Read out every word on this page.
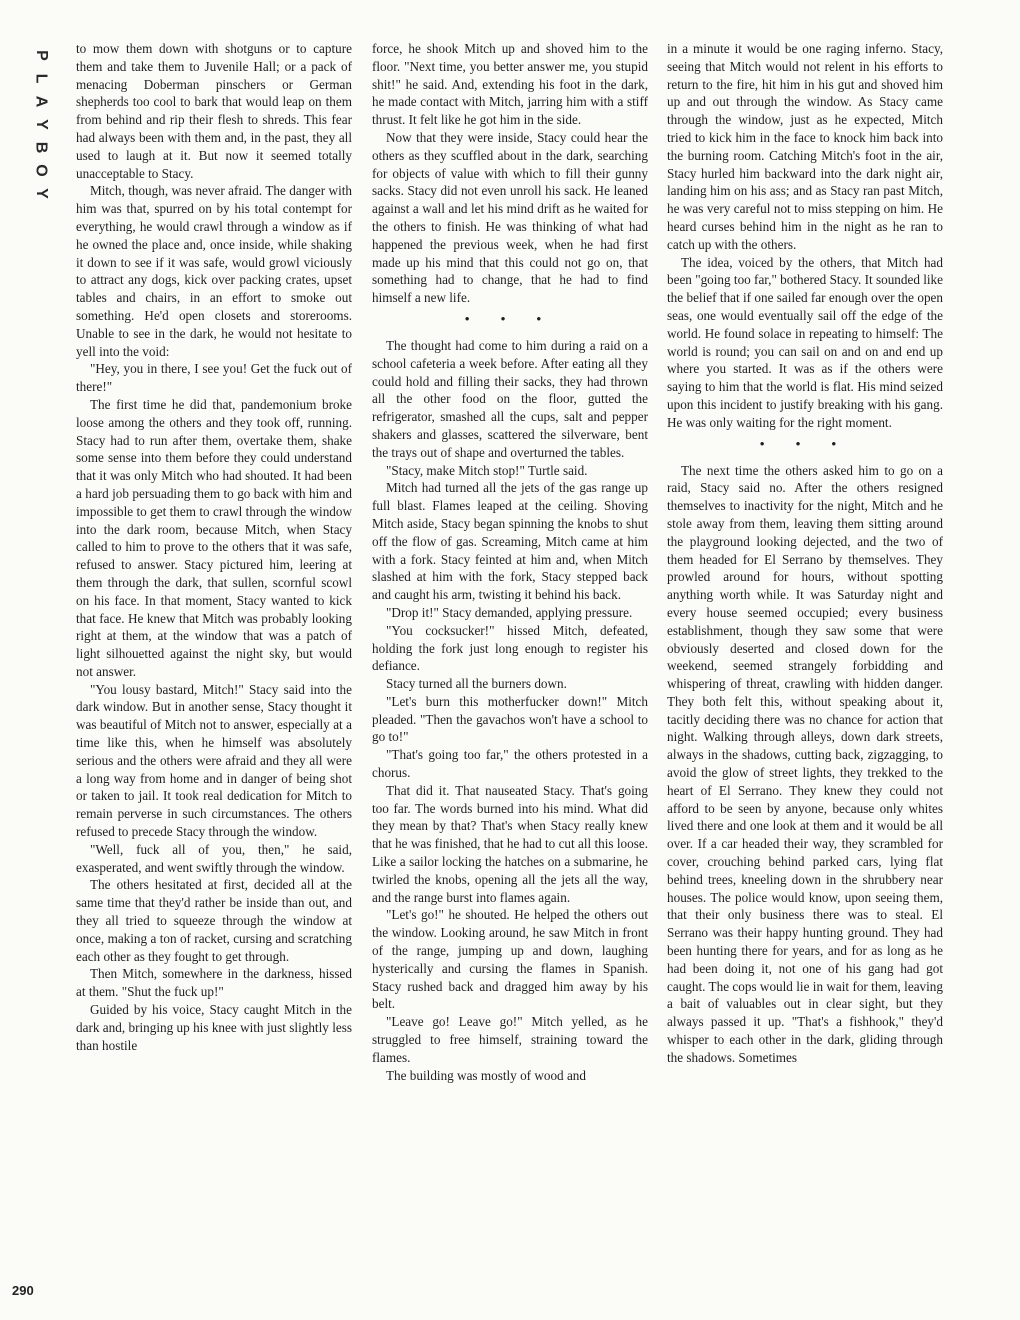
P
L
A
Y
B
O
Y
290

to mow them down with shotguns or to capture them and take them to Juvenile Hall; or a pack of menacing Doberman pinschers or German shepherds too cool to bark that would leap on them from behind and rip their flesh to shreds. This fear had always been with them and, in the past, they all used to laugh at it. But now it seemed totally unacceptable to Stacy.

Mitch, though, was never afraid. The danger with him was that, spurred on by his total contempt for everything, he would crawl through a window as if he owned the place and, once inside, while shaking it down to see if it was safe, would growl viciously to attract any dogs, kick over packing crates, upset tables and chairs, in an effort to smoke out something. He'd open closets and storerooms. Unable to see in the dark, he would not hesitate to yell into the void:

"Hey, you in there, I see you! Get the fuck out of there!"

The first time he did that, pandemonium broke loose among the others and they took off, running. Stacy had to run after them, overtake them, shake some sense into them before they could understand that it was only Mitch who had shouted. It had been a hard job persuading them to go back with him and impossible to get them to crawl through the window into the dark room, because Mitch, when Stacy called to him to prove to the others that it was safe, refused to answer. Stacy pictured him, leering at them through the dark, that sullen, scornful scowl on his face. In that moment, Stacy wanted to kick that face. He knew that Mitch was probably looking right at them, at the window that was a patch of light silhouetted against the night sky, but would not answer.

"You lousy bastard, Mitch!" Stacy said into the dark window. But in another sense, Stacy thought it was beautiful of Mitch not to answer, especially at a time like this, when he himself was absolutely serious and the others were afraid and they all were a long way from home and in danger of being shot or taken to jail. It took real dedication for Mitch to remain perverse in such circumstances. The others refused to precede Stacy through the window.

"Well, fuck all of you, then," he said, exasperated, and went swiftly through the window.

The others hesitated at first, decided all at the same time that they'd rather be inside than out, and they all tried to squeeze through the window at once, making a ton of racket, cursing and scratching each other as they fought to get through.

Then Mitch, somewhere in the darkness, hissed at them. "Shut the fuck up!"

Guided by his voice, Stacy caught Mitch in the dark and, bringing up his knee with just slightly less than hostile

force, he shook Mitch up and shoved him to the floor. "Next time, you better answer me, you stupid shit!" he said. And, extending his foot in the dark, he made contact with Mitch, jarring him with a stiff thrust. It felt like he got him in the side.

Now that they were inside, Stacy could hear the others as they scuffled about in the dark, searching for objects of value with which to fill their gunny sacks. Stacy did not even unroll his sack. He leaned against a wall and let his mind drift as he waited for the others to finish. He was thinking of what had happened the previous week, when he had first made up his mind that this could not go on, that something had to change, that he had to find himself a new life.

• • •

The thought had come to him during a raid on a school cafeteria a week before. After eating all they could hold and filling their sacks, they had thrown all the other food on the floor, gutted the refrigerator, smashed all the cups, salt and pepper shakers and glasses, scattered the silverware, bent the trays out of shape and overturned the tables.

"Stacy, make Mitch stop!" Turtle said.

Mitch had turned all the jets of the gas range up full blast. Flames leaped at the ceiling. Shoving Mitch aside, Stacy began spinning the knobs to shut off the flow of gas. Screaming, Mitch came at him with a fork. Stacy feinted at him and, when Mitch slashed at him with the fork, Stacy stepped back and caught his arm, twisting it behind his back.

"Drop it!" Stacy demanded, applying pressure.

"You cocksucker!" hissed Mitch, defeated, holding the fork just long enough to register his defiance.

Stacy turned all the burners down.

"Let's burn this motherfucker down!" Mitch pleaded. "Then the gavachos won't have a school to go to!"

"That's going too far," the others protested in a chorus.

That did it. That nauseated Stacy. That's going too far. The words burned into his mind. What did they mean by that? That's when Stacy really knew that he was finished, that he had to cut all this loose. Like a sailor locking the hatches on a submarine, he twirled the knobs, opening all the jets all the way, and the range burst into flames again.

"Let's go!" he shouted. He helped the others out the window. Looking around, he saw Mitch in front of the range, jumping up and down, laughing hysterically and cursing the flames in Spanish. Stacy rushed back and dragged him away by his belt.

"Leave go! Leave go!" Mitch yelled, as he struggled to free himself, straining toward the flames.

The building was mostly of wood and

in a minute it would be one raging inferno. Stacy, seeing that Mitch would not relent in his efforts to return to the fire, hit him in his gut and shoved him up and out through the window. As Stacy came through the window, just as he expected, Mitch tried to kick him in the face to knock him back into the burning room. Catching Mitch's foot in the air, Stacy hurled him backward into the dark night air, landing him on his ass; and as Stacy ran past Mitch, he was very careful not to miss stepping on him. He heard curses behind him in the night as he ran to catch up with the others.

The idea, voiced by the others, that Mitch had been "going too far," bothered Stacy. It sounded like the belief that if one sailed far enough over the open seas, one would eventually sail off the edge of the world. He found solace in repeating to himself: The world is round; you can sail on and on and end up where you started. It was as if the others were saying to him that the world is flat. His mind seized upon this incident to justify breaking with his gang. He was only waiting for the right moment.

• • •

The next time the others asked him to go on a raid, Stacy said no. After the others resigned themselves to inactivity for the night, Mitch and he stole away from them, leaving them sitting around the playground looking dejected, and the two of them headed for El Serrano by themselves. They prowled around for hours, without spotting anything worth while. It was Saturday night and every house seemed occupied; every business establishment, though they saw some that were obviously deserted and closed down for the weekend, seemed strangely forbidding and whispering of threat, crawling with hidden danger. They both felt this, without speaking about it, tacitly deciding there was no chance for action that night. Walking through alleys, down dark streets, always in the shadows, cutting back, zigzagging, to avoid the glow of street lights, they trekked to the heart of El Serrano. They knew they could not afford to be seen by anyone, because only whites lived there and one look at them and it would be all over. If a car headed their way, they scrambled for cover, crouching behind parked cars, lying flat behind trees, kneeling down in the shrubbery near houses. The police would know, upon seeing them, that their only business there was to steal. El Serrano was their happy hunting ground. They had been hunting there for years, and for as long as he had been doing it, not one of his gang had got caught. The cops would lie in wait for them, leaving a bait of valuables out in clear sight, but they always passed it up. "That's a fishhook," they'd whisper to each other in the dark, gliding through the shadows. Sometimes
